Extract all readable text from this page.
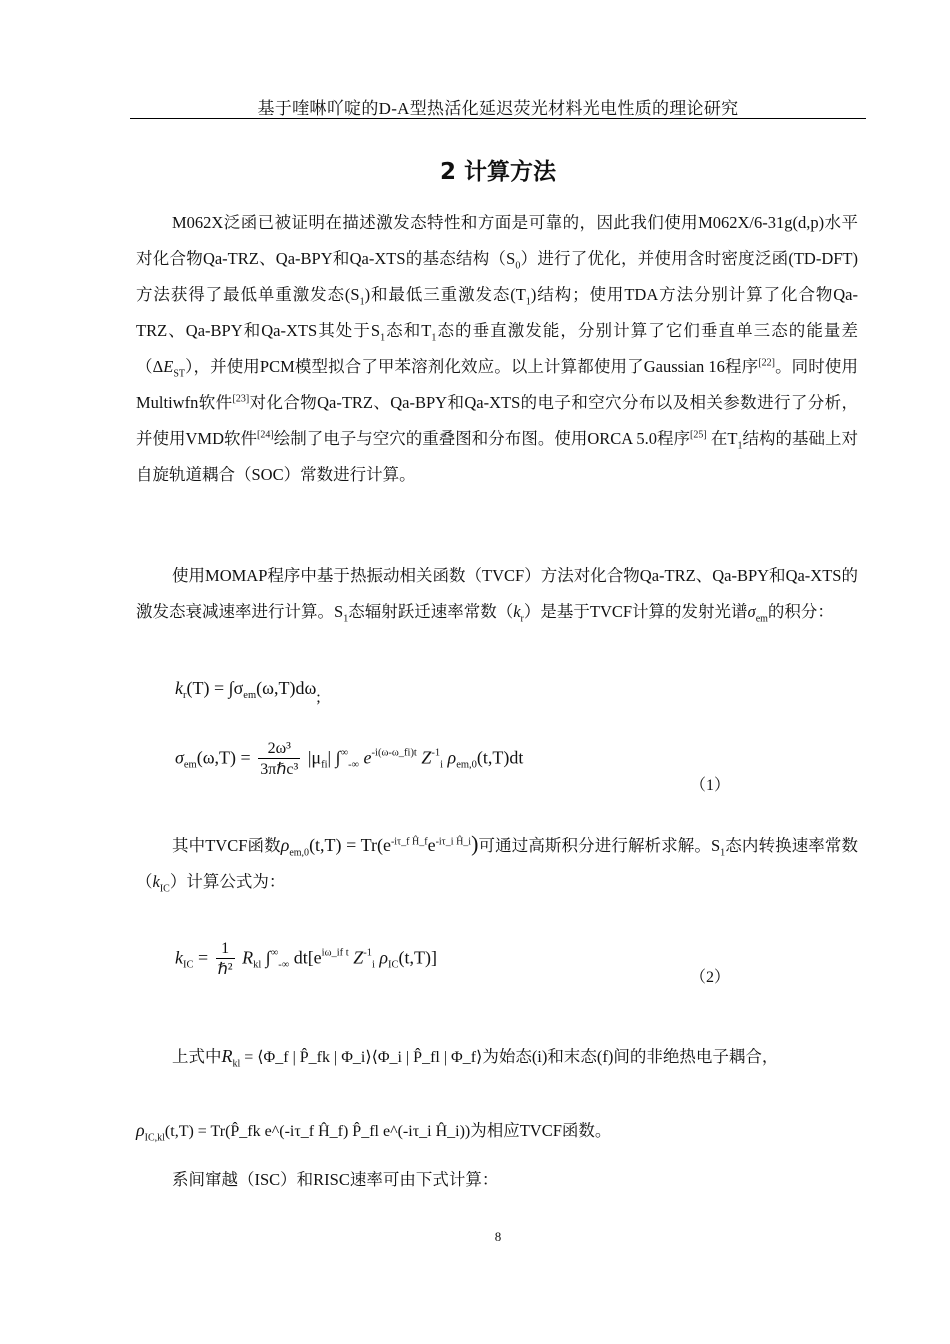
基于喹啉吖啶的D-A型热活化延迟荧光材料光电性质的理论研究
2 计算方法

M062X泛函已被证明在描述激发态特性和方面是可靠的，因此我们使用M062X/6-31g(d,p)水平对化合物Qa-TRZ、Qa-BPY和Qa-XTS的基态结构$(S_0)$进行了优化，并使用含时密度泛函(TD-DFT)方法获得了最低单重激发态$(S_1)$和最低三重激发态$(T_1)$结构；使用TDA方法分别计算了化合物Qa-TRZ、Qa-BPY和Qa-XTS其处于$S_1$态和$T_1$态的垂直激发能，分别计算了它们垂直单三态的能量差$(\Delta E_{ST})$，并使用PCM模型拟合了甲苯溶剂化效应。以上计算都使用了Gaussian 16程序[22]。同时使用Multiwfn软件[23]对化合物Qa-TRZ、Qa-BPY和Qa-XTS的电子和空穴分布以及相关参数进行了分析，并使用VMD软件[24]绘制了电子与空穴的重叠图和分布图。使用ORCA 5.0程序[25] 在$T_1$结构的基础上对自旋轨道耦合（SOC）常数进行计算。

使用MOMAP程序中基于热振动相关函数（TVCF）方法对化合物Qa-TRZ、Qa-BPY和Qa-XTS的激发态衰减速率进行计算。$S_1$态辐射跃迁速率常数$(k_r)$是基于TVCF计算的发射光谱$\sigma_{em}$的积分：

$k_r(T) = \int\sigma_{em}(\omega,T)d\omega$;
$\sigma_{em}(\omega,T) = \frac{\text{2ω³}}{\text{3πℏc³}} |\mu_{fi}|$ $\int^\infty_{-\infty}$ $e^{-i(\omega-\omega\_fi)t}$ $Z^{-1}_i$ $\rho_{em,0}(t,T)dt$
（1）
其中TVCF函数$\rho_{em,0}(t,T) = Tr(e^{-i\tau\_f Ĥ\_f}e^{-i\tau\_i Ĥ\_i})$可通过高斯积分进行解析求解。$S_1$态内转换速率常数$(k_{IC})$计算公式为：
$k_{IC} = \frac{1}{\text{ℏ²}} R_{kl}$ $\int^\infty_{-\infty}$ $dt[e^{i\omega\_if t}$ $Z^{-1}_i$ $\rho_{IC}(t,T)$]
（2）
上式中$R_{kl}$ = ⟨Φ_f | P̂_fk | Φ_i⟩⟨Φ_i | P̂_fl | Φ_f⟩为始态(i)和末态(f)间的非绝热电子耦合，
$\rho_{IC,kl}(t,T)$ = Tr(P̂_fk e^(-iτ_f Ĥ_f) P̂_fl e^(-iτ_i Ĥ_i))为相应TVCF函数。

系间窜越（ISC）和RISC速率可由下式计算：

8
